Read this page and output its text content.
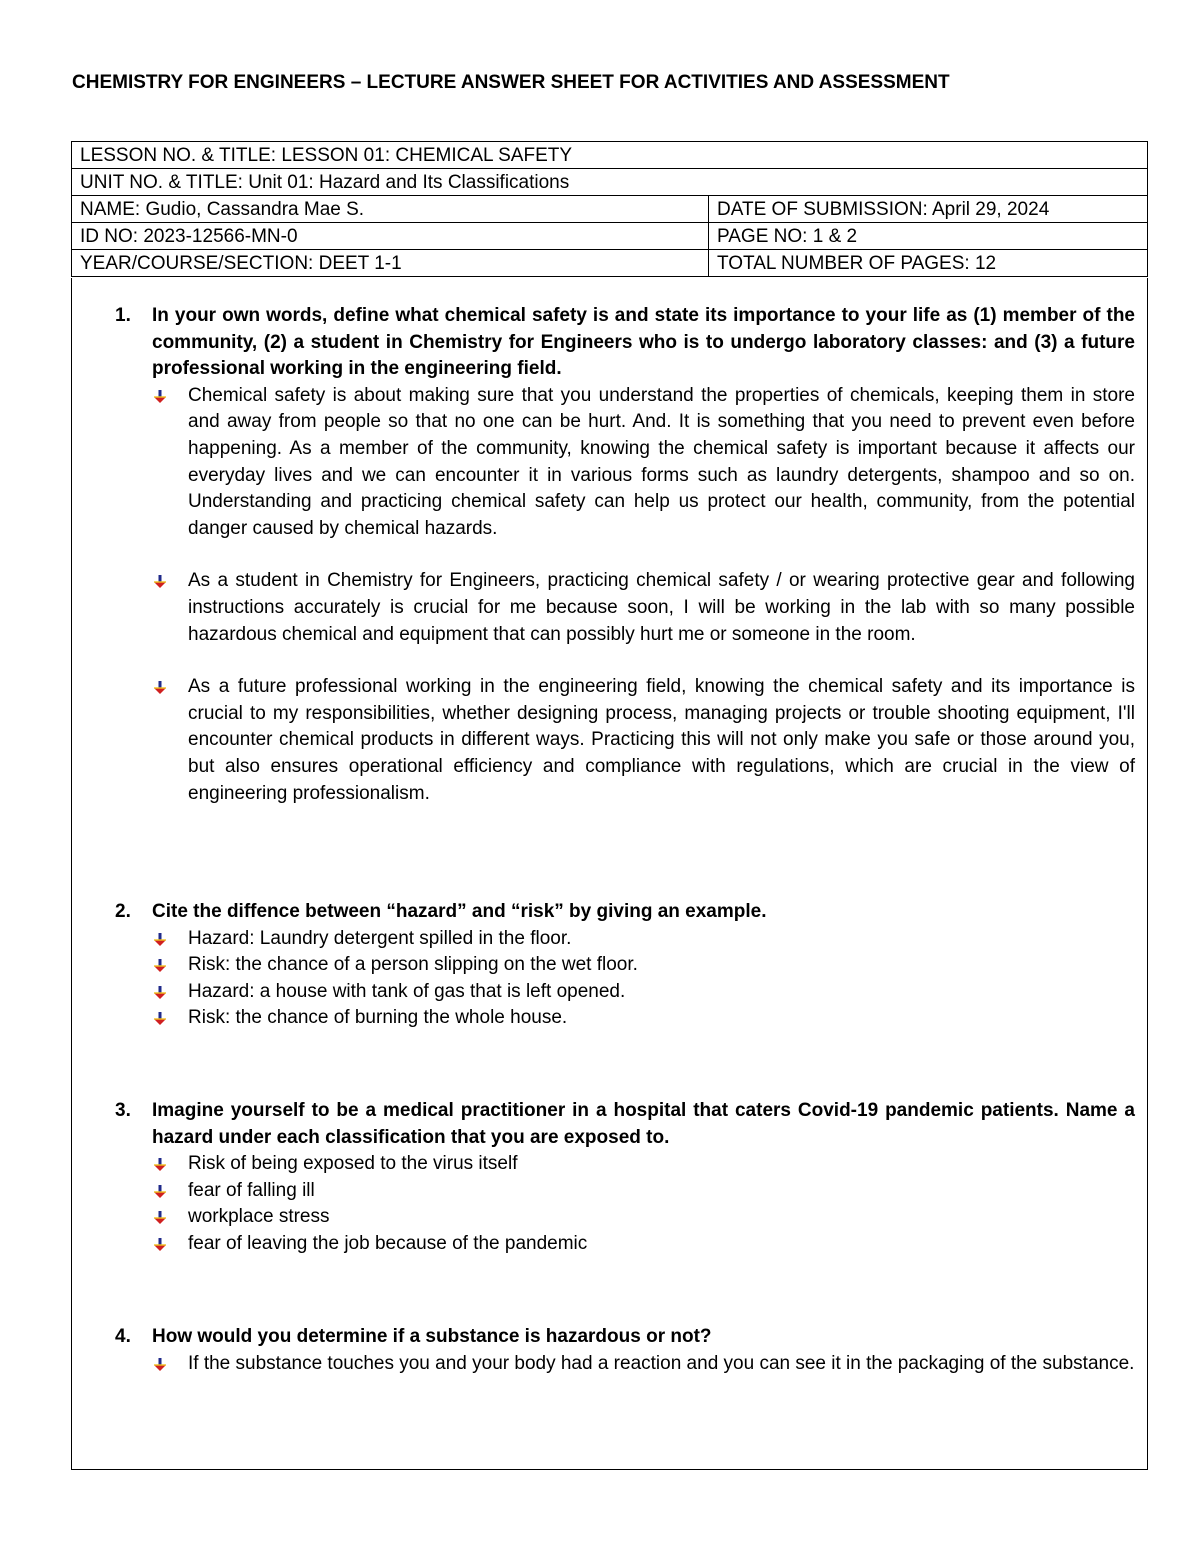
CHEMISTRY FOR ENGINEERS – LECTURE ANSWER SHEET FOR ACTIVITIES AND ASSESSMENT
LESSON NO. & TITLE: LESSON 01: CHEMICAL SAFETY	
UNIT NO. & TITLE: Unit 01: Hazard and Its Classifications	
NAME: Gudio, Cassandra Mae S.	DATE OF SUBMISSION: April 29, 2024
ID NO: 2023-12566-MN-0	PAGE NO: 1 & 2
YEAR/COURSE/SECTION: DEET 1-1	TOTAL NUMBER OF PAGES: 12
1.	In your own words, define what chemical safety is and state its importance to your life as (1) member of the community, (2) a student in Chemistry for Engineers who is to undergo laboratory classes: and (3) a future professional working in the engineering field.
Chemical safety is about making sure that you understand the properties of chemicals, keeping them in store and away from people so that no one can be hurt. And. It is something that you need to prevent even before happening. As a member of the community, knowing the chemical safety is important because it affects our everyday lives and we can encounter it in various forms such as laundry detergents, shampoo and so on. Understanding and practicing chemical safety can help us protect our health, community, from the potential danger caused by chemical hazards.
As a student in Chemistry for Engineers, practicing chemical safety / or wearing protective gear and following instructions accurately is crucial for me because soon, I will be working in the lab with so many possible hazardous chemical and equipment that can possibly hurt me or someone in the room.
As a future professional working in the engineering field, knowing the chemical safety and its importance is crucial to my responsibilities, whether designing process, managing projects or trouble shooting equipment, I'll encounter chemical products in different ways. Practicing this will not only make you safe or those around you, but also ensures operational efficiency and compliance with regulations, which are crucial in the view of engineering professionalism.
2.	Cite the diffence between “hazard” and “risk” by giving an example.
Hazard: Laundry detergent spilled in the floor.
Risk: the chance of a person slipping on the wet floor.
Hazard: a house with tank of gas that is left opened.
Risk: the chance of burning the whole house.
3.	Imagine yourself to be a medical practitioner in a hospital that caters Covid-19 pandemic patients. Name a hazard under each classification that you are exposed to.
Risk of being exposed to the virus itself
fear of falling ill
workplace stress
fear of leaving the job because of the pandemic
4.	How would you determine if a substance is hazardous or not?
If the substance touches you and your body had a reaction and you can see it in the packaging of the substance.
